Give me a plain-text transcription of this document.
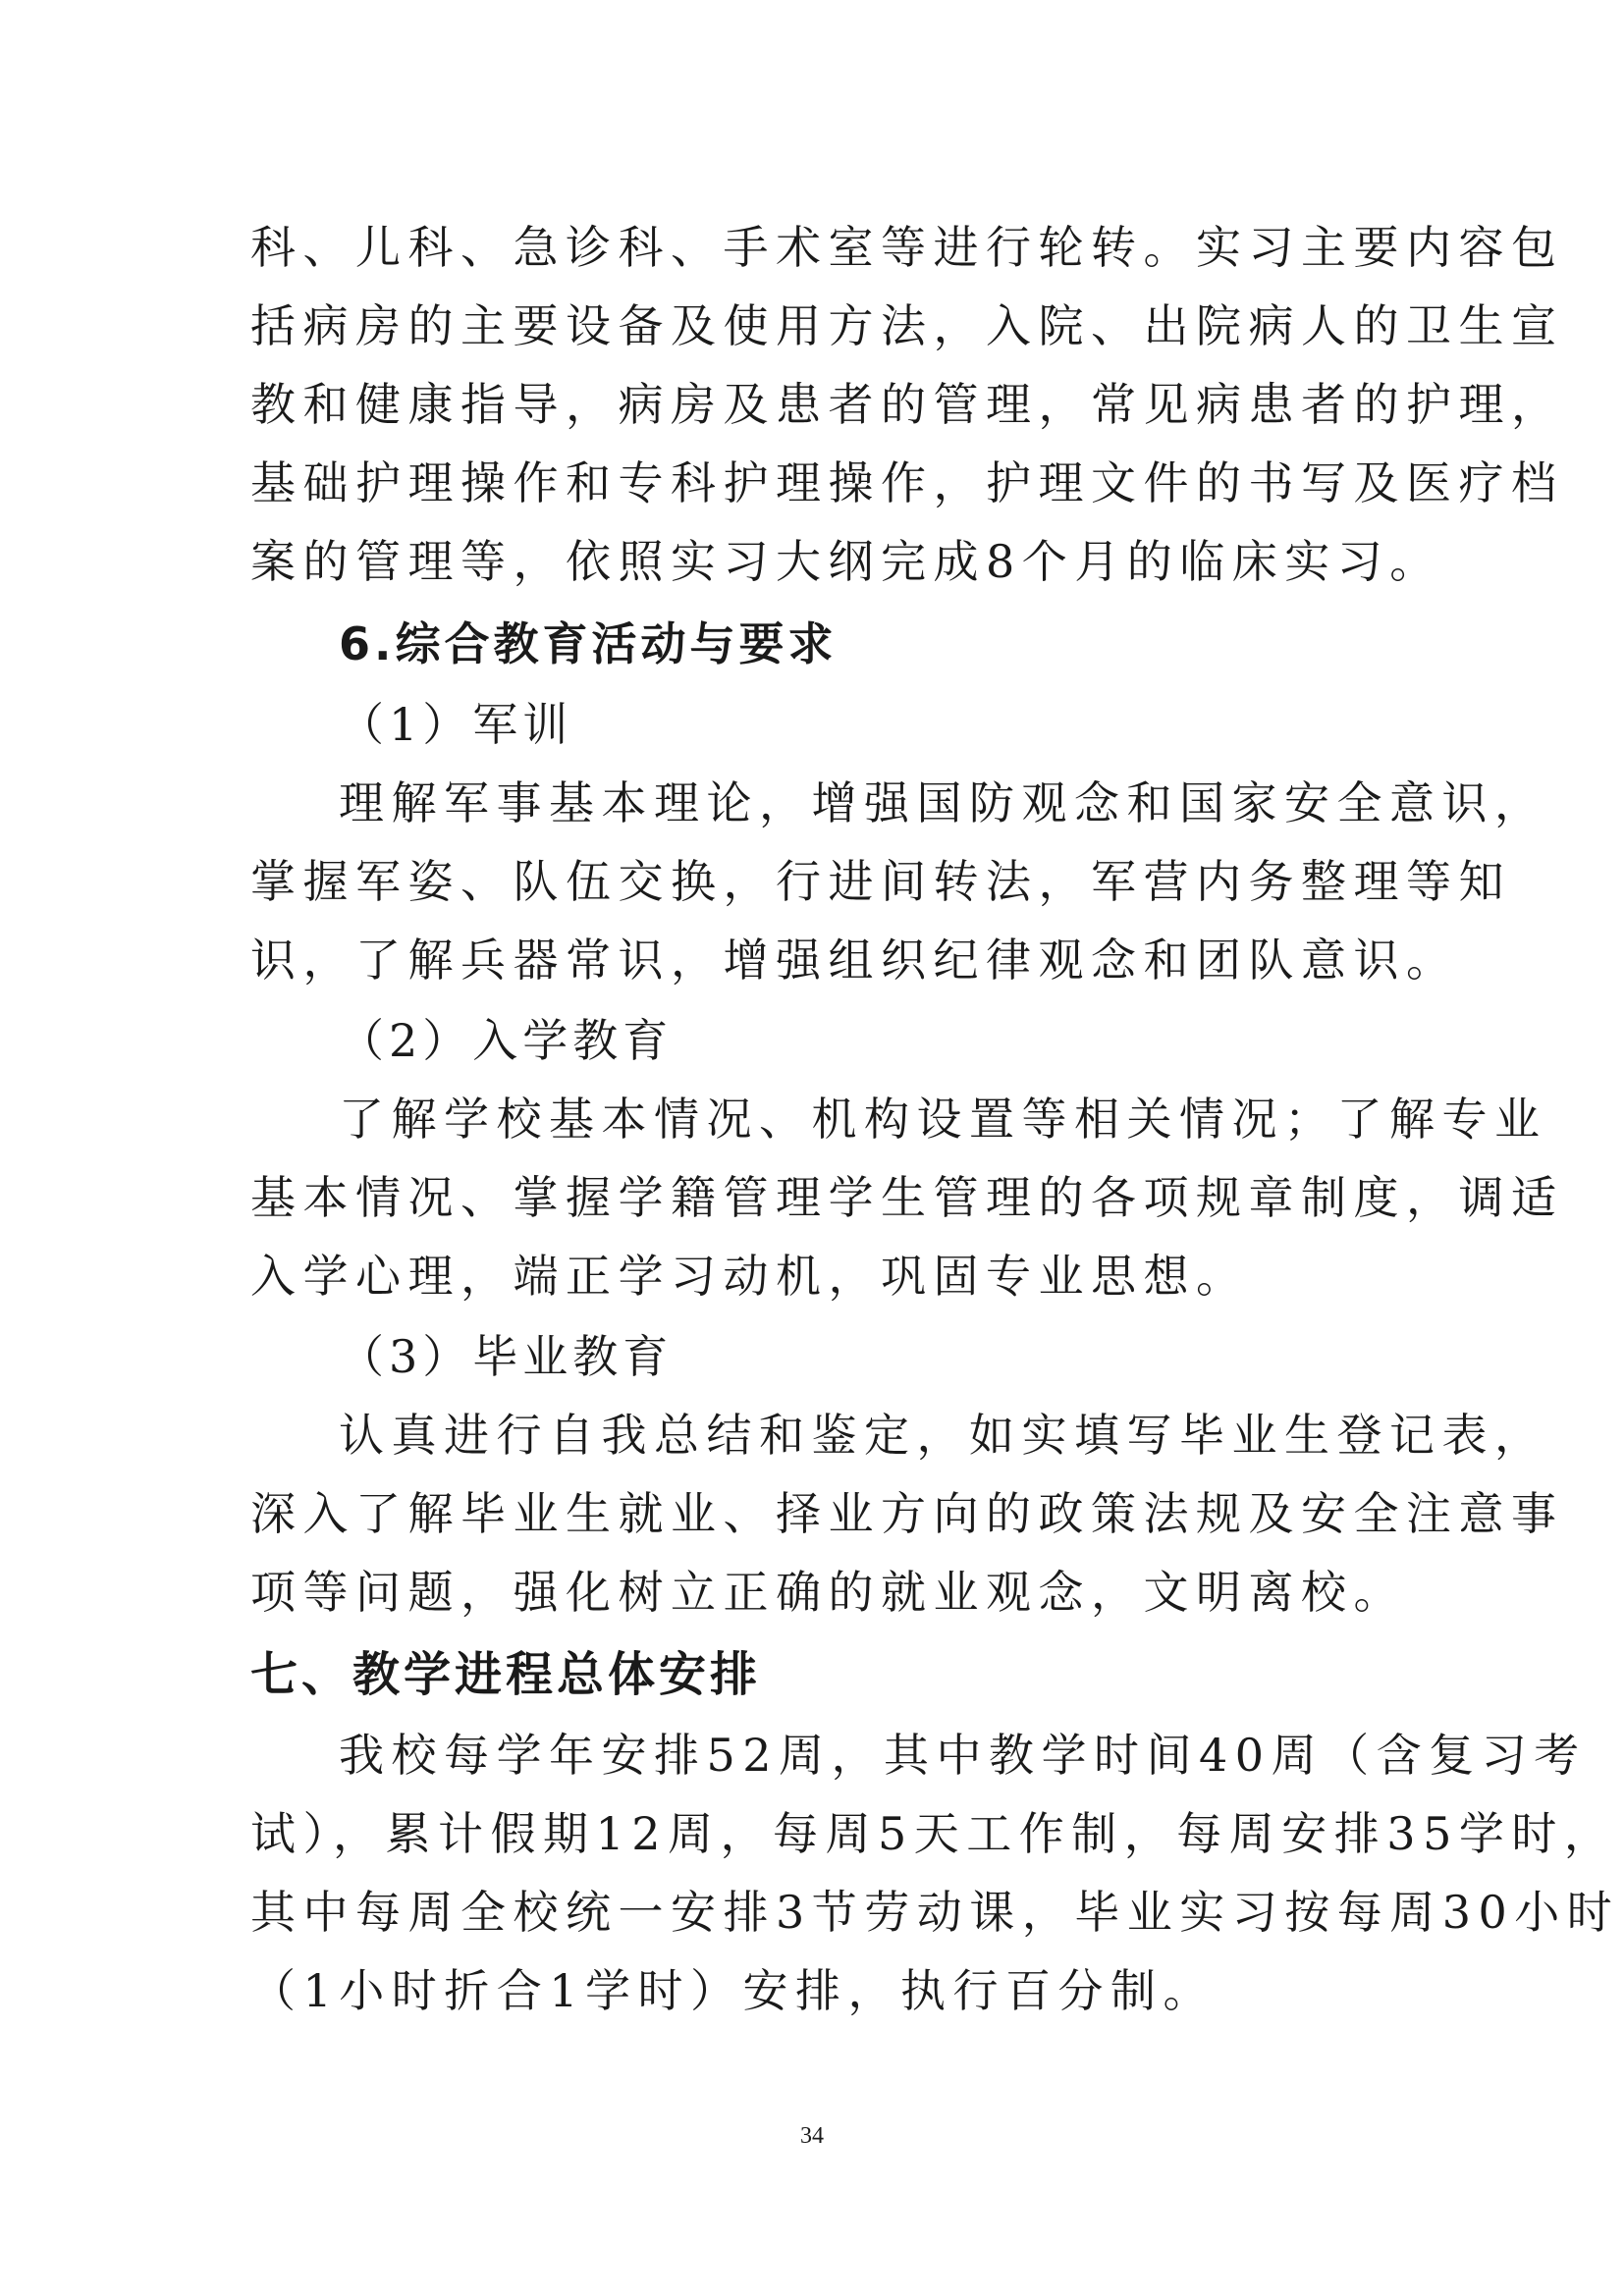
科、儿科、急诊科、手术室等进行轮转。实习主要内容包
括病房的主要设备及使用方法，入院、出院病人的卫生宣
教和健康指导，病房及患者的管理，常见病患者的护理，
基础护理操作和专科护理操作，护理文件的书写及医疗档
案的管理等，依照实习大纲完成8个月的临床实习。
6.综合教育活动与要求
（1）军训
理解军事基本理论，增强国防观念和国家安全意识，
掌握军姿、队伍交换，行进间转法，军营内务整理等知
识，了解兵器常识，增强组织纪律观念和团队意识。
（2）入学教育
了解学校基本情况、机构设置等相关情况；了解专业
基本情况、掌握学籍管理学生管理的各项规章制度，调适
入学心理，端正学习动机，巩固专业思想。
（3）毕业教育
认真进行自我总结和鉴定，如实填写毕业生登记表，
深入了解毕业生就业、择业方向的政策法规及安全注意事
项等问题，强化树立正确的就业观念，文明离校。
七、教学进程总体安排
我校每学年安排52周，其中教学时间40周（含复习考
试），累计假期12周，每周5天工作制，每周安排35学时，
其中每周全校统一安排3节劳动课，毕业实习按每周30小时
（1小时折合1学时）安排，执行百分制。
34
